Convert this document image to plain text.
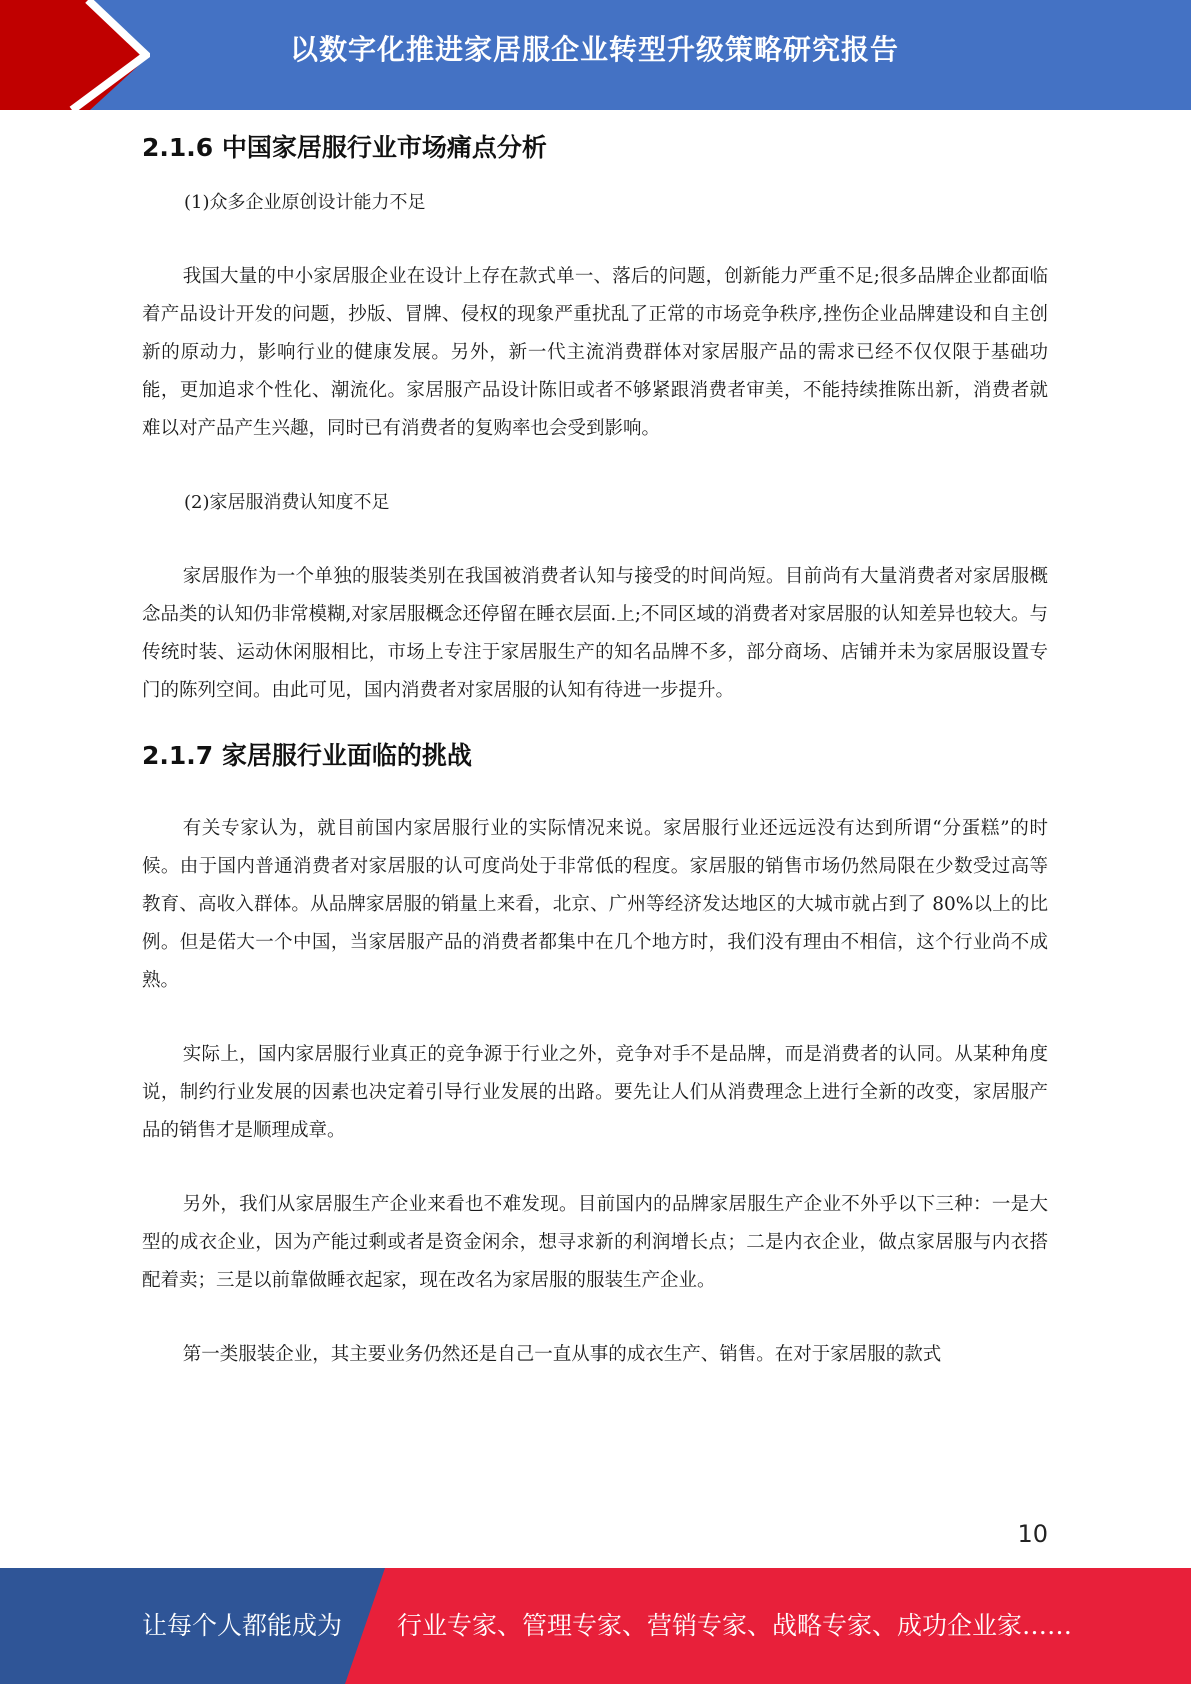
以数字化推进家居服企业转型升级策略研究报告
2.1.6 中国家居服行业市场痛点分析

(1)众多企业原创设计能力不足

我国大量的中小家居服企业在设计上存在款式单一、落后的问题，创新能力严重不足;很多品牌企业都面临着产品设计开发的问题，抄版、冒牌、侵权的现象严重扰乱了正常的市场竞争秩序,挫伤企业品牌建设和自主创新的原动力，影响行业的健康发展。另外，新一代主流消费群体对家居服产品的需求已经不仅仅限于基础功能，更加追求个性化、潮流化。家居服产品设计陈旧或者不够紧跟消费者审美，不能持续推陈出新，消费者就难以对产品产生兴趣，同时已有消费者的复购率也会受到影响。

(2)家居服消费认知度不足

家居服作为一个单独的服装类别在我国被消费者认知与接受的时间尚短。目前尚有大量消费者对家居服概念品类的认知仍非常模糊,对家居服概念还停留在睡衣层面.上;不同区域的消费者对家居服的认知差异也较大。与传统时装、运动休闲服相比，市场上专注于家居服生产的知名品牌不多，部分商场、店铺并未为家居服设置专门的陈列空间。由此可见，国内消费者对家居服的认知有待进一步提升。

2.1.7 家居服行业面临的挑战

有关专家认为，就目前国内家居服行业的实际情况来说。家居服行业还远远没有达到所谓“分蛋糕”的时候。由于国内普通消费者对家居服的认可度尚处于非常低的程度。家居服的销售市场仍然局限在少数受过高等教育、高收入群体。从品牌家居服的销量上来看，北京、广州等经济发达地区的大城市就占到了 80%以上的比例。但是偌大一个中国，当家居服产品的消费者都集中在几个地方时，我们没有理由不相信，这个行业尚不成熟。

实际上，国内家居服行业真正的竞争源于行业之外，竞争对手不是品牌，而是消费者的认同。从某种角度说，制约行业发展的因素也决定着引导行业发展的出路。要先让人们从消费理念上进行全新的改变，家居服产品的销售才是顺理成章。

另外，我们从家居服生产企业来看也不难发现。目前国内的品牌家居服生产企业不外乎以下三种：一是大型的成衣企业，因为产能过剩或者是资金闲余，想寻求新的利润增长点；二是内衣企业，做点家居服与内衣搭配着卖；三是以前靠做睡衣起家，现在改名为家居服的服装生产企业。

第一类服装企业，其主要业务仍然还是自己一直从事的成衣生产、销售。在对于家居服的款式

10
让每个人都能成为 行业专家、管理专家、营销专家、战略专家、成功企业家……
